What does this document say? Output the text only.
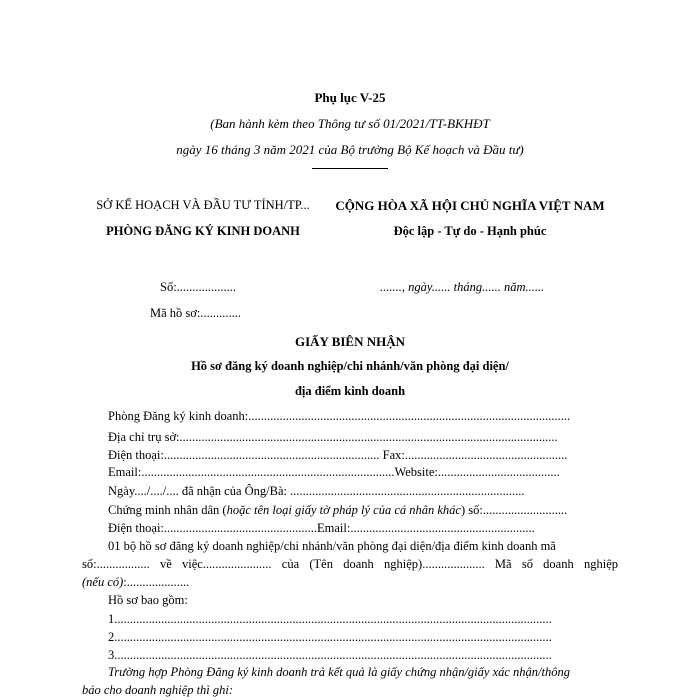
Phụ lục V-25
(Ban hành kèm theo Thông tư số 01/2021/TT-BKHĐT
ngày 16 tháng 3 năm 2021 của Bộ trưởng Bộ Kế hoạch và Đầu tư)
SỞ KẾ HOẠCH VÀ ĐẦU TƯ TỈNH/TP...
PHÒNG ĐĂNG KÝ KINH DOANH
CỘNG HÒA XÃ HỘI CHỦ NGHĨA VIỆT NAM
Độc lập - Tự do - Hạnh phúc
Số:...................	......., ngày...... tháng...... năm......
Mã hồ sơ:.............
GIẤY BIÊN NHẬN
Hồ sơ đăng ký doanh nghiệp/chi nhánh/văn phòng đại diện/
địa điểm kinh doanh
Phòng Đăng ký kinh doanh:.......................................................................................................
Địa chỉ trụ sở:.........................................................................................................................
Điện thoại:..................................................................... Fax:....................................................
Email:.................................................................................Website:.......................................
Ngày..../..../.... đã nhận của Ông/Bà: ...........................................................................
Chứng minh nhân dân (hoặc tên loại giấy tờ pháp lý của cá nhân khác) số:...........................
Điện thoại:.................................................Email:...........................................................
01 bộ hồ sơ đăng ký doanh nghiệp/chi nhánh/văn phòng đại diện/địa điểm kinh doanh mã
số:................. về việc...................... của (Tên doanh nghiệp).................... Mã số doanh nghiệp
(nếu có):....................
Hồ sơ bao gồm:
1............................................................................................................................................
2............................................................................................................................................
3............................................................................................................................................
Trường hợp Phòng Đăng ký kinh doanh trả kết quả là giấy chứng nhận/giấy xác nhận/thông
báo cho doanh nghiệp thì ghi:
